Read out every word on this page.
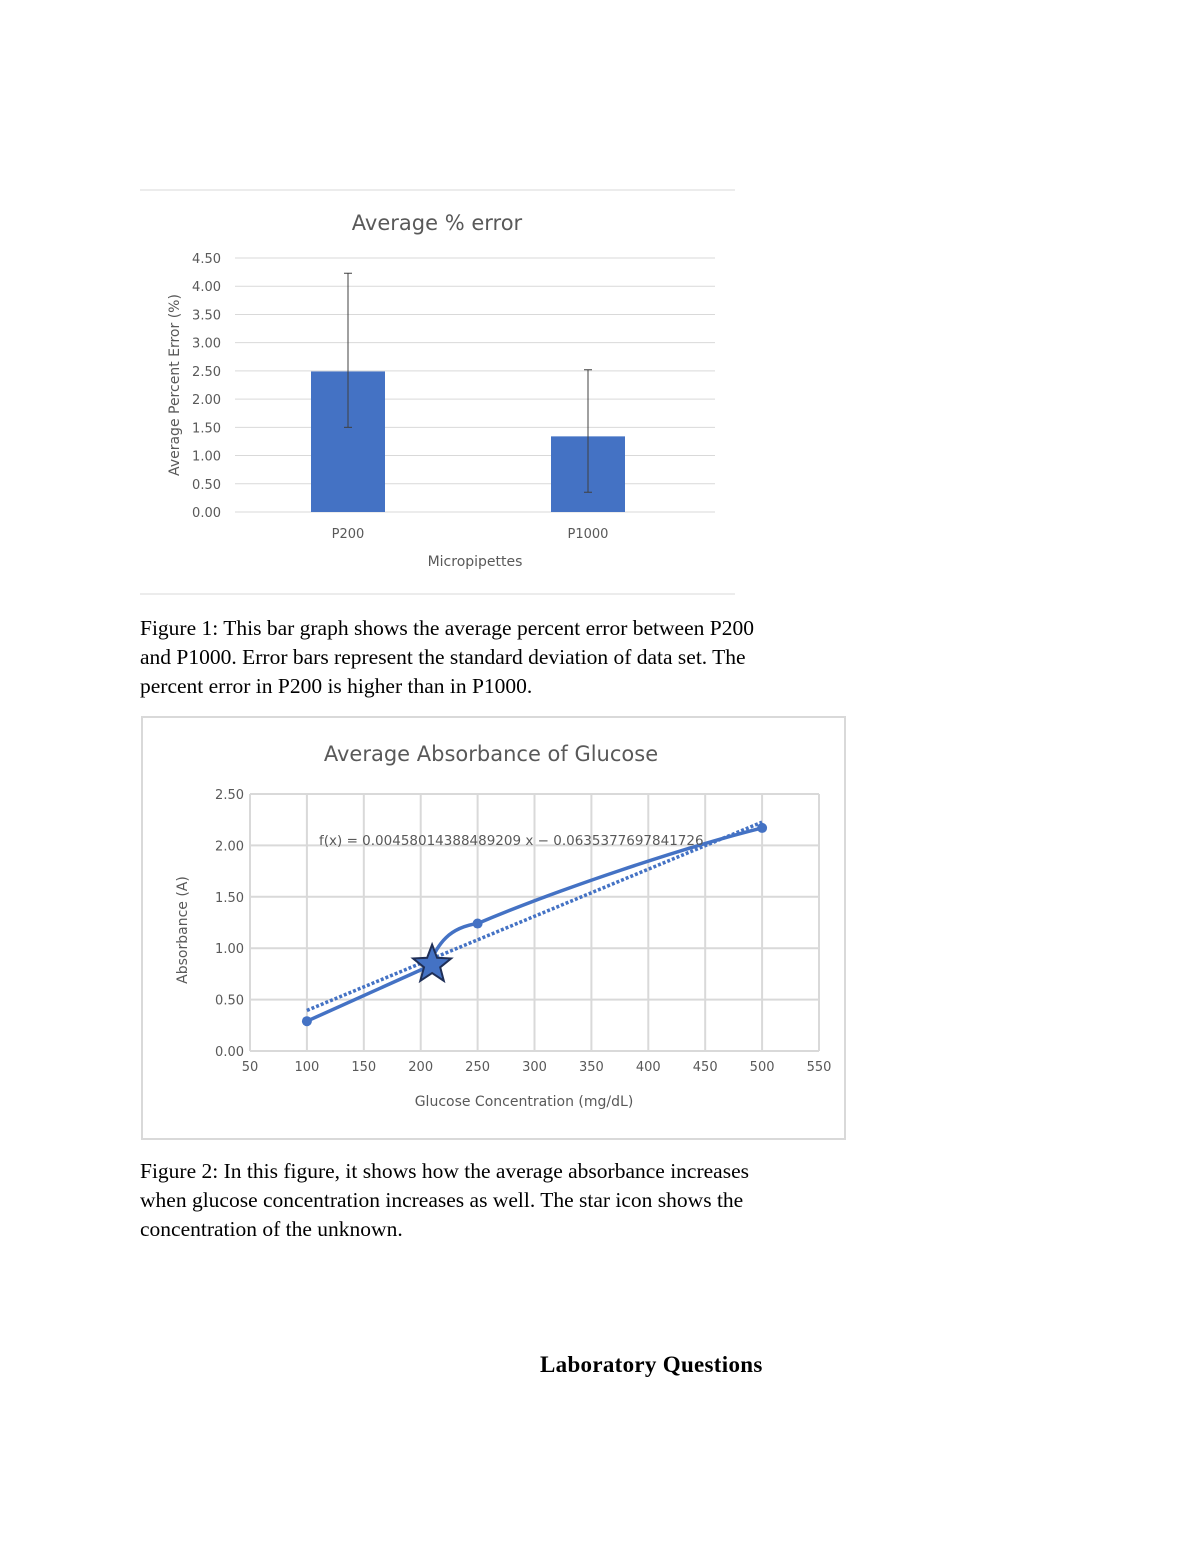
Average % error
0.00
0.50
1.00
1.50
2.00
2.50
3.00
3.50
4.00
4.50
P200	P1000
Micropipettes
Average Percent Error (%)

Figure 1: This bar graph shows the average percent error between P200 and P1000. Error bars represent the standard deviation of data set. The percent error in P200 is higher than in P1000.

Average Absorbance of Glucose
0.00
0.50
1.00
1.50
2.00
2.50
50	100 150 200 250 300 350 400 450 500 550
f(x) = 0.00458014388489209 x − 0.0635377697841726
Glucose Concentration (mg/dL)
Absorbance (A)

Figure 2: In this figure, it shows how the average absorbance increases when glucose concentration increases as well. The star icon shows the concentration of the unknown.

Laboratory Questions
